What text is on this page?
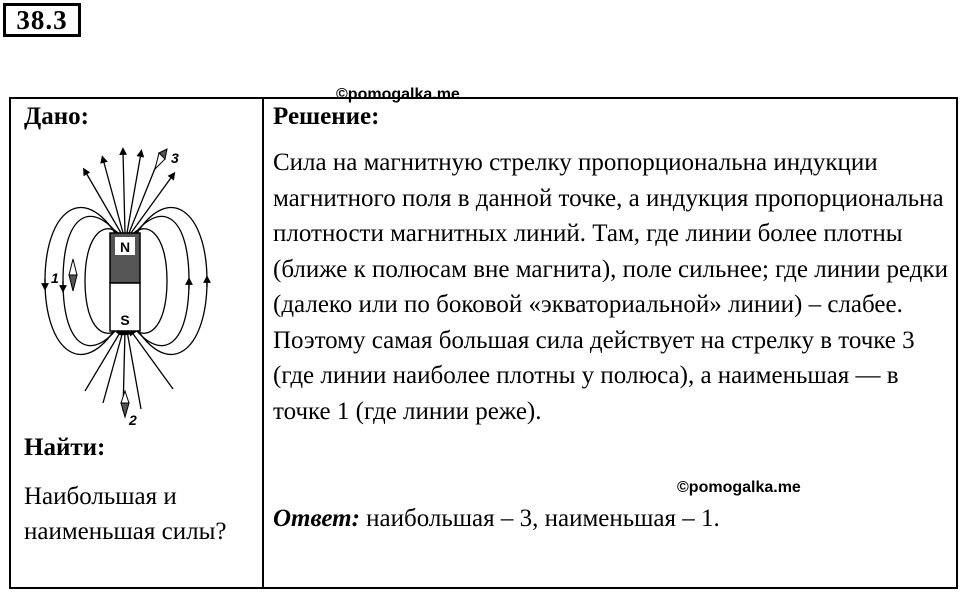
38.3
©pomogalka.me
Дано:
N
S
1
2
3
Найти:
Наибольшая и наименьшая силы?
Решение:
Сила на магнитную стрелку пропорциональна индукции магнитного поля в данной точке, а индукция пропорциональна плотности магнитных линий. Там, где линии более плотны (ближе к полюсам вне магнита), поле сильнее; где линии редки (далеко или по боковой «экваториальной» линии) – слабее. Поэтому самая большая сила действует на стрелку в точке 3 (где линии наиболее плотны у полюса), а наименьшая — в точке 1 (где линии реже).
Ответ: наибольшая – 3, наименьшая – 1.
©pomogalka.me
